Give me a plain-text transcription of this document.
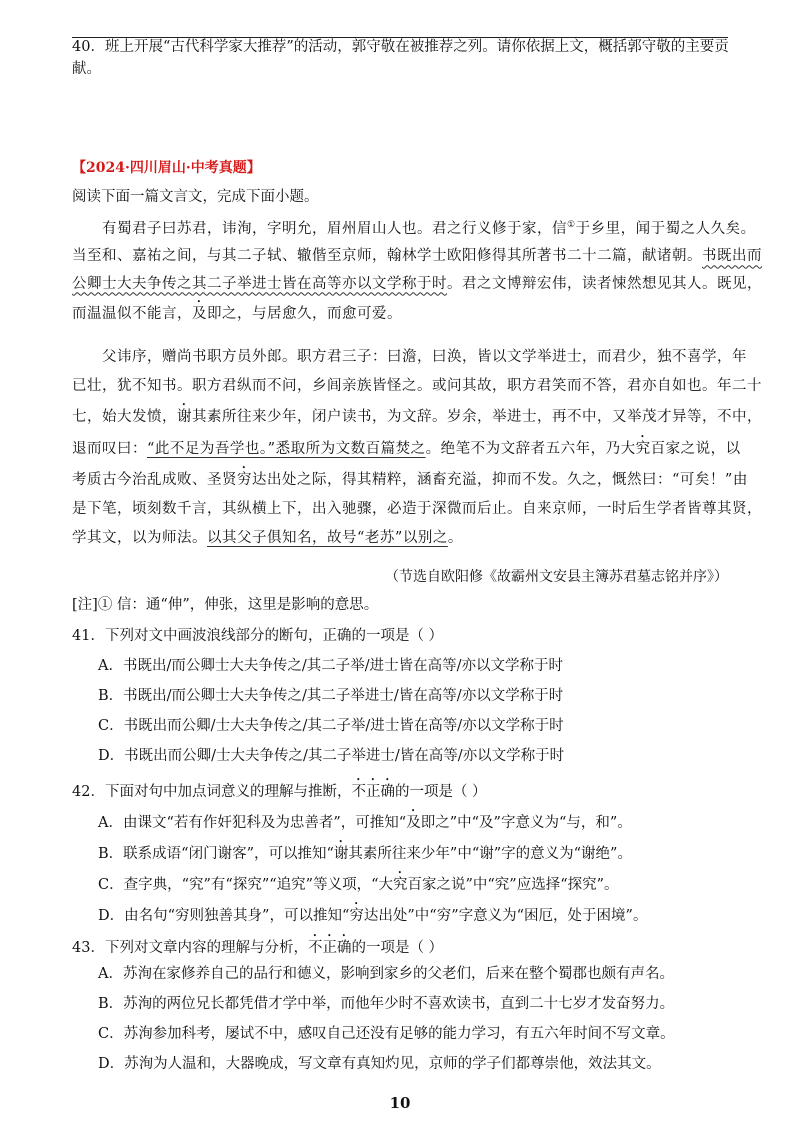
40．班上开展“古代科学家大推荐”的活动，郭守敬在被推荐之列。请你依据上文，概括郭守敬的主要贡
献。
【2024·四川眉山·中考真题】
阅读下面一篇文言文，完成下面小题。
有蜀君子曰苏君，讳洵，字明允，眉州眉山人也。君之行义修于家，信①于乡里，闻于蜀之人久矣。
当至和、嘉祐之间，与其二子轼、辙偕至京师，翰林学士欧阳修得其所著书二十二篇，献诸朝。书既出而
公卿士大夫争传之其二子举进士皆在高等亦以文学称于时。君之文博辩宏伟，读者悚然想见其人。既见，
而温温似不能言，及即之，与居愈久，而愈可爱。
父讳序，赠尚书职方员外郎。职方君三子：曰澹，曰涣，皆以文学举进士，而君少，独不喜学，年
已壮，犹不知书。职方君纵而不问，乡闾亲族皆怪之。或问其故，职方君笑而不答，君亦自如也。年二十
七，始大发愤，谢其素所往来少年，闭户读书，为文辞。岁余，举进士，再不中，又举茂才异等，不中，
退而叹曰：“此不足为吾学也。”悉取所为文数百篇焚之。绝笔不为文辞者五六年，乃大究百家之说，以
考质古今治乱成败、圣贤穷达出处之际，得其精粹，涵畜充溢，抑而不发。久之，慨然曰：“可矣！”由
是下笔，顷刻数千言，其纵横上下，出入驰骤，必造于深微而后止。自来京师，一时后生学者皆尊其贤，
学其文，以为师法。以其父子俱知名，故号“老苏”以别之。
（节选自欧阳修《故霸州文安县主簿苏君墓志铭并序》）
[注]① 信：通“伸”，伸张，这里是影响的意思。
41．下列对文中画波浪线部分的断句，正确的一项是（ ）
A．书既出/而公卿士大夫争传之/其二子举/进士皆在高等/亦以文学称于时
B．书既出/而公卿士大夫争传之/其二子举进士/皆在高等/亦以文学称于时
C．书既出而公卿/士大夫争传之/其二子举/进士皆在高等/亦以文学称于时
D．书既出而公卿/士大夫争传之/其二子举进士/皆在高等/亦以文学称于时
42．下面对句中加点词意义的理解与推断，不正确的一项是（ ）
A．由课文“若有作奸犯科及为忠善者”，可推知“及即之”中“及”字意义为“与，和”。
B．联系成语“闭门谢客”，可以推知“谢其素所往来少年”中“谢”字的意义为“谢绝”。
C．查字典，“究”有“探究”“追究”等义项，“大究百家之说”中“究”应选择“探究”。
D．由名句“穷则独善其身”，可以推知“穷达出处”中“穷”字意义为“困厄，处于困境”。
43．下列对文章内容的理解与分析，不正确的一项是（ ）
A．苏洵在家修养自己的品行和德义，影响到家乡的父老们，后来在整个蜀郡也颇有声名。
B．苏洵的两位兄长都凭借才学中举，而他年少时不喜欢读书，直到二十七岁才发奋努力。
C．苏洵参加科考，屡试不中，感叹自己还没有足够的能力学习，有五六年时间不写文章。
D．苏洵为人温和，大器晚成，写文章有真知灼见，京师的学子们都尊崇他，效法其文。
10
